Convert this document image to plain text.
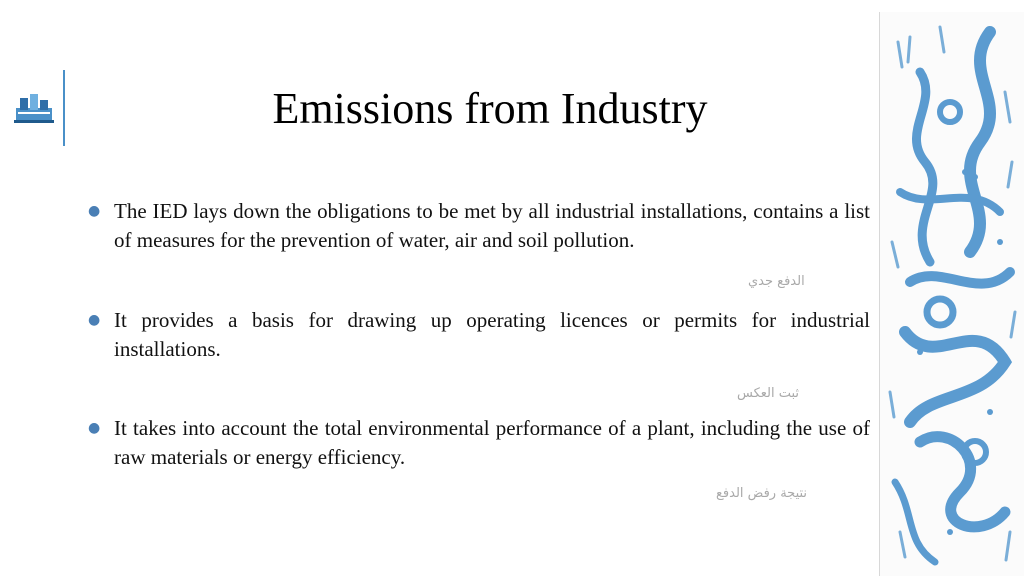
Emissions from Industry
● The IED lays down the obligations to be met by all industrial installations, contains a list of measures for the prevention of water, air and soil pollution.
الدفع جدي
● It provides a basis for drawing up operating licences or permits for industrial installations.
ثبت العكس
● It takes into account the total environmental performance of a plant, including the use of raw materials or energy efficiency.
نتيجة رفض الدفع
